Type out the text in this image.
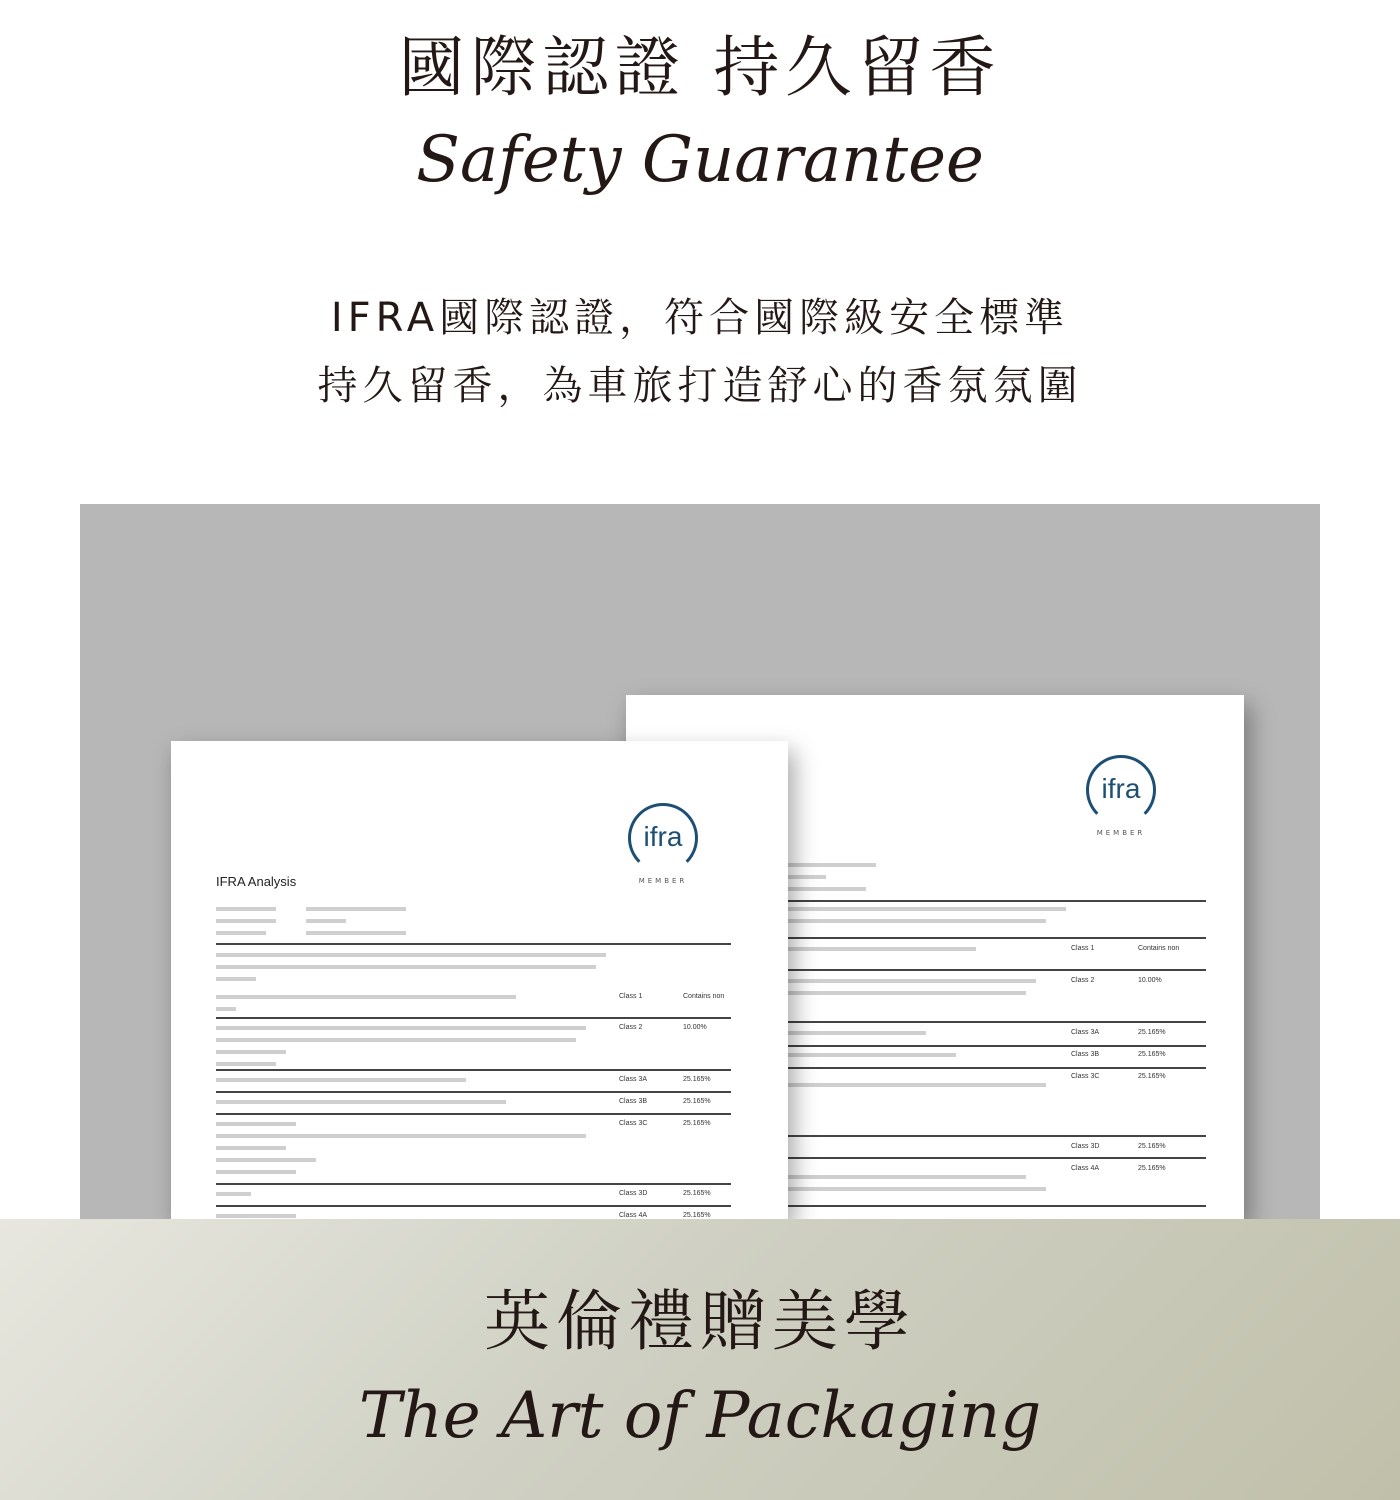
國際認證 持久留香
Safety Guarantee
IFRA國際認證，符合國際級安全標準
持久留香，為車旅打造舒心的香氛氛圍
ifra
MEMBER
Class 1	Contains non
Class 2	10.00%
Class 3A	25.165%
Class 3B	25.165%
Class 3C	25.165%
Class 3D	25.165%
Class 4A	25.165%
ifra
MEMBER
IFRA Analysis
Class 1	Contains non
Class 2	10.00%
Class 3A	25.165%
Class 3B	25.165%
Class 3C	25.165%
Class 3D	25.165%
Class 4A	25.165%
英倫禮贈美學
The Art of Packaging
